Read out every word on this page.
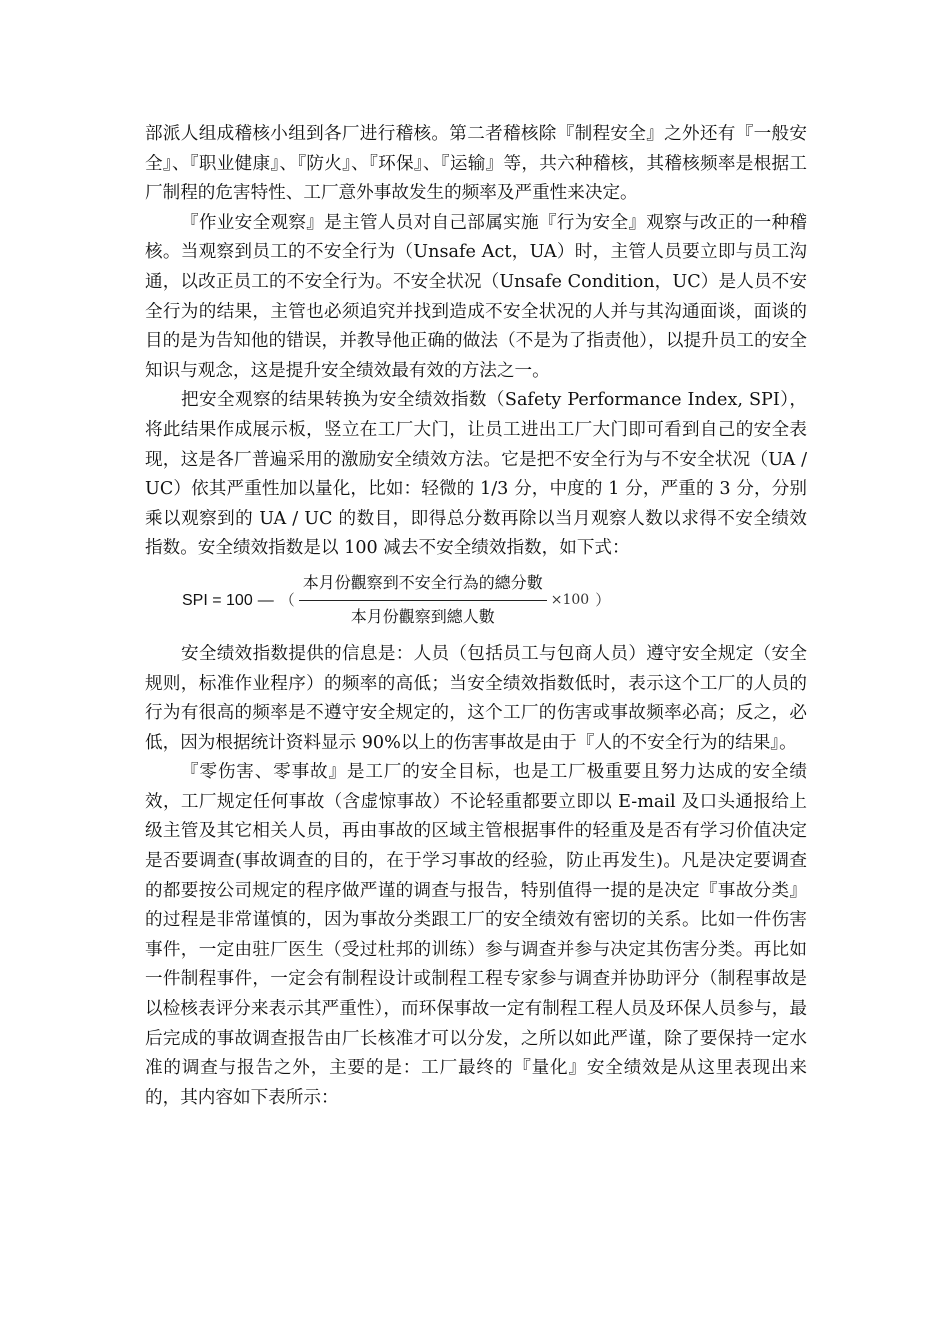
部派人组成稽核小组到各厂进行稽核。第二者稽核除『制程安全』之外还有『一般安全』、『职业健康』、『防火』、『环保』、『运输』等，共六种稽核，其稽核频率是根据工厂制程的危害特性、工厂意外事故发生的频率及严重性来决定。

『作业安全观察』是主管人员对自己部属实施『行为安全』观察与改正的一种稽核。当观察到员工的不安全行为（Unsafe Act，UA）时，主管人员要立即与员工沟通，以改正员工的不安全行为。不安全状况（Unsafe Condition，UC）是人员不安全行为的结果，主管也必须追究并找到造成不安全状况的人并与其沟通面谈，面谈的目的是为告知他的错误，并教导他正确的做法（不是为了指责他），以提升员工的安全知识与观念，这是提升安全绩效最有效的方法之一。

把安全观察的结果转换为安全绩效指数（Safety Performance Index, SPI），将此结果作成展示板，竖立在工厂大门，让员工进出工厂大门即可看到自己的安全表现，这是各厂普遍采用的激励安全绩效方法。它是把不安全行为与不安全状况（UA / UC）依其严重性加以量化，比如：轻微的 1/3 分，中度的 1 分，严重的 3 分，分别乘以观察到的 UA / UC 的数目，即得总分数再除以当月观察人数以求得不安全绩效指数。安全绩效指数是以 100 减去不安全绩效指数，如下式：

SPI = 100 — （ $\frac{\text{本月份觀察到不安全行為的總分數}}{\text{本月份觀察到總人數}} \times 100$ ）

安全绩效指数提供的信息是：人员（包括员工与包商人员）遵守安全规定（安全规则，标准作业程序）的频率的高低；当安全绩效指数低时，表示这个工厂的人员的行为有很高的频率是不遵守安全规定的，这个工厂的伤害或事故频率必高；反之，必低，因为根据统计资料显示 90%以上的伤害事故是由于『人的不安全行为的结果』。

『零伤害、零事故』是工厂的安全目标，也是工厂极重要且努力达成的安全绩效，工厂规定任何事故（含虚惊事故）不论轻重都要立即以 E-mail 及口头通报给上级主管及其它相关人员，再由事故的区域主管根据事件的轻重及是否有学习价值决定是否要调查(事故调查的目的，在于学习事故的经验，防止再发生)。凡是决定要调查的都要按公司规定的程序做严谨的调查与报告，特别值得一提的是决定『事故分类』的过程是非常谨慎的，因为事故分类跟工厂的安全绩效有密切的关系。比如一件伤害事件，一定由驻厂医生（受过杜邦的训练）参与调查并参与决定其伤害分类。再比如一件制程事件，一定会有制程设计或制程工程专家参与调查并协助评分（制程事故是以检核表评分来表示其严重性），而环保事故一定有制程工程人员及环保人员参与，最后完成的事故调查报告由厂长核准才可以分发，之所以如此严谨，除了要保持一定水准的调查与报告之外，主要的是：工厂最终的『量化』安全绩效是从这里表现出来的，其内容如下表所示：
